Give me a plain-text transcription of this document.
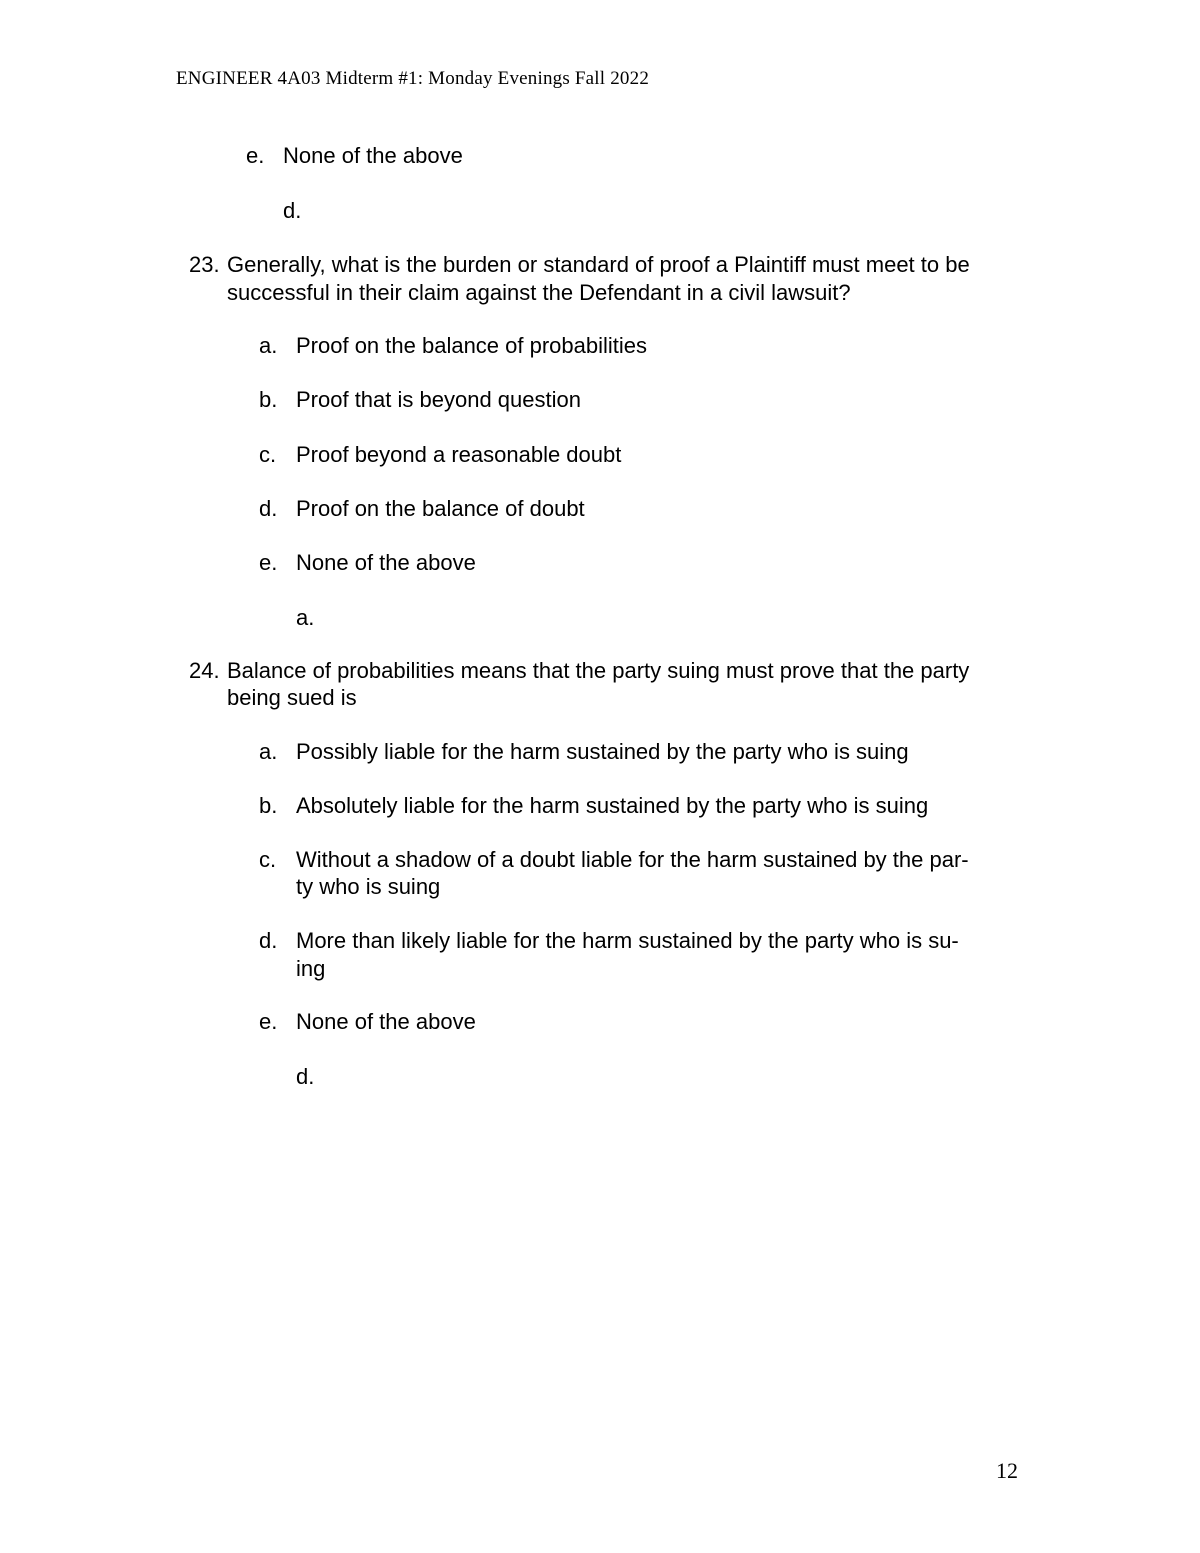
ENGINEER 4A03 Midterm #1: Monday Evenings Fall 2022
e. None of the above
d.
23. Generally, what is the burden or standard of proof a Plaintiff must meet to be
successful in their claim against the Defendant in a civil lawsuit?
a. Proof on the balance of probabilities
b. Proof that is beyond question
c. Proof beyond a reasonable doubt
d. Proof on the balance of doubt
e. None of the above
a.
24. Balance of probabilities means that the party suing must prove that the party
being sued is
a. Possibly liable for the harm sustained by the party who is suing
b. Absolutely liable for the harm sustained by the party who is suing
c. Without a shadow of a doubt liable for the harm sustained by the par-
ty who is suing
d. More than likely liable for the harm sustained by the party who is su-
ing
e. None of the above
d.
12
